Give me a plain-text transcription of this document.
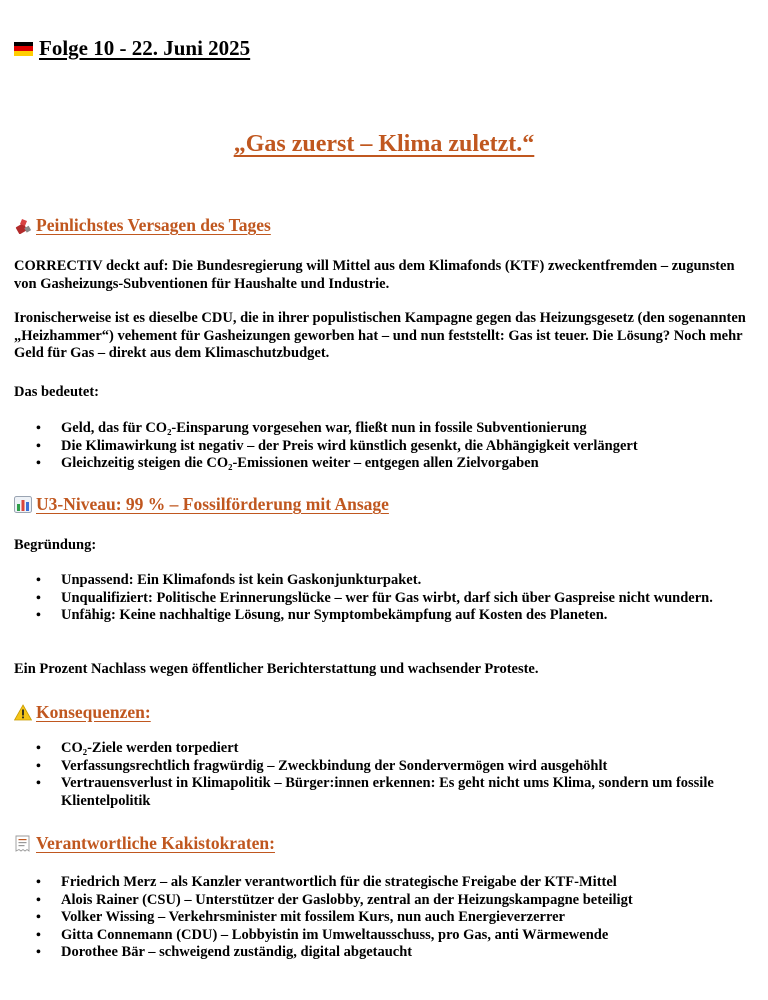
Folge 10 - 22. Juni 2025
„Gas zuerst – Klima zuletzt.“
Peinlichstes Versagen des Tages
CORRECTIV deckt auf: Die Bundesregierung will Mittel aus dem Klimafonds (KTF) zweckentfremden – zugunsten von Gasheizungs-Subventionen für Haushalte und Industrie.
Ironischerweise ist es dieselbe CDU, die in ihrer populistischen Kampagne gegen das Heizungsgesetz (den sogenannten „Heizhammer“) vehement für Gasheizungen geworben hat – und nun feststellt: Gas ist teuer. Die Lösung? Noch mehr Geld für Gas – direkt aus dem Klimaschutzbudget.
Das bedeutet:
• Geld, das für CO₂-Einsparung vorgesehen war, fließt nun in fossile Subventionierung
• Die Klimawirkung ist negativ – der Preis wird künstlich gesenkt, die Abhängigkeit verlängert
• Gleichzeitig steigen die CO₂-Emissionen weiter – entgegen allen Zielvorgaben
U3-Niveau: 99 % – Fossilförderung mit Ansage
Begründung:
• Unpassend: Ein Klimafonds ist kein Gaskonjunkturpaket.
• Unqualifiziert: Politische Erinnerungslücke – wer für Gas wirbt, darf sich über Gaspreise nicht wundern.
• Unfähig: Keine nachhaltige Lösung, nur Symptombekämpfung auf Kosten des Planeten.
Ein Prozent Nachlass wegen öffentlicher Berichterstattung und wachsender Proteste.
Konsequenzen:
• CO₂-Ziele werden torpediert
• Verfassungsrechtlich fragwürdig – Zweckbindung der Sondervermögen wird ausgehöhlt
• Vertrauensverlust in Klimapolitik – Bürger:innen erkennen: Es geht nicht ums Klima, sondern um fossile Klientelpolitik
Verantwortliche Kakistokraten:
• Friedrich Merz – als Kanzler verantwortlich für die strategische Freigabe der KTF-Mittel
• Alois Rainer (CSU) – Unterstützer der Gaslobby, zentral an der Heizungskampagne beteiligt
• Volker Wissing – Verkehrsminister mit fossilem Kurs, nun auch Energieverzerrer
• Gitta Connemann (CDU) – Lobbyistin im Umweltausschuss, pro Gas, anti Wärmewende
• Dorothee Bär – schweigend zuständig, digital abgetaucht
